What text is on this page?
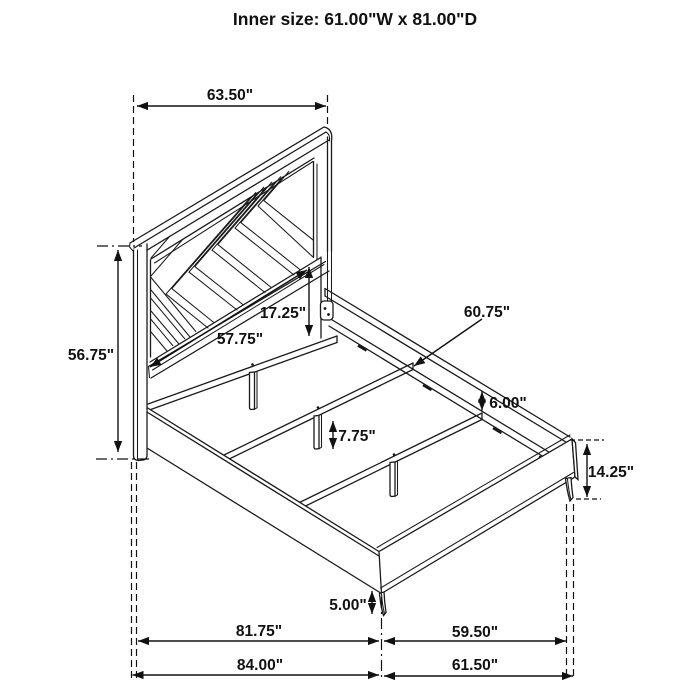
63.50"
56.75"
17.25"
57.75"
60.75"
6.00"
7.75"
14.25"
5.00"
81.75"
84.00"
59.50"
61.50"
Inner size: 61.00"W x 81.00"D
